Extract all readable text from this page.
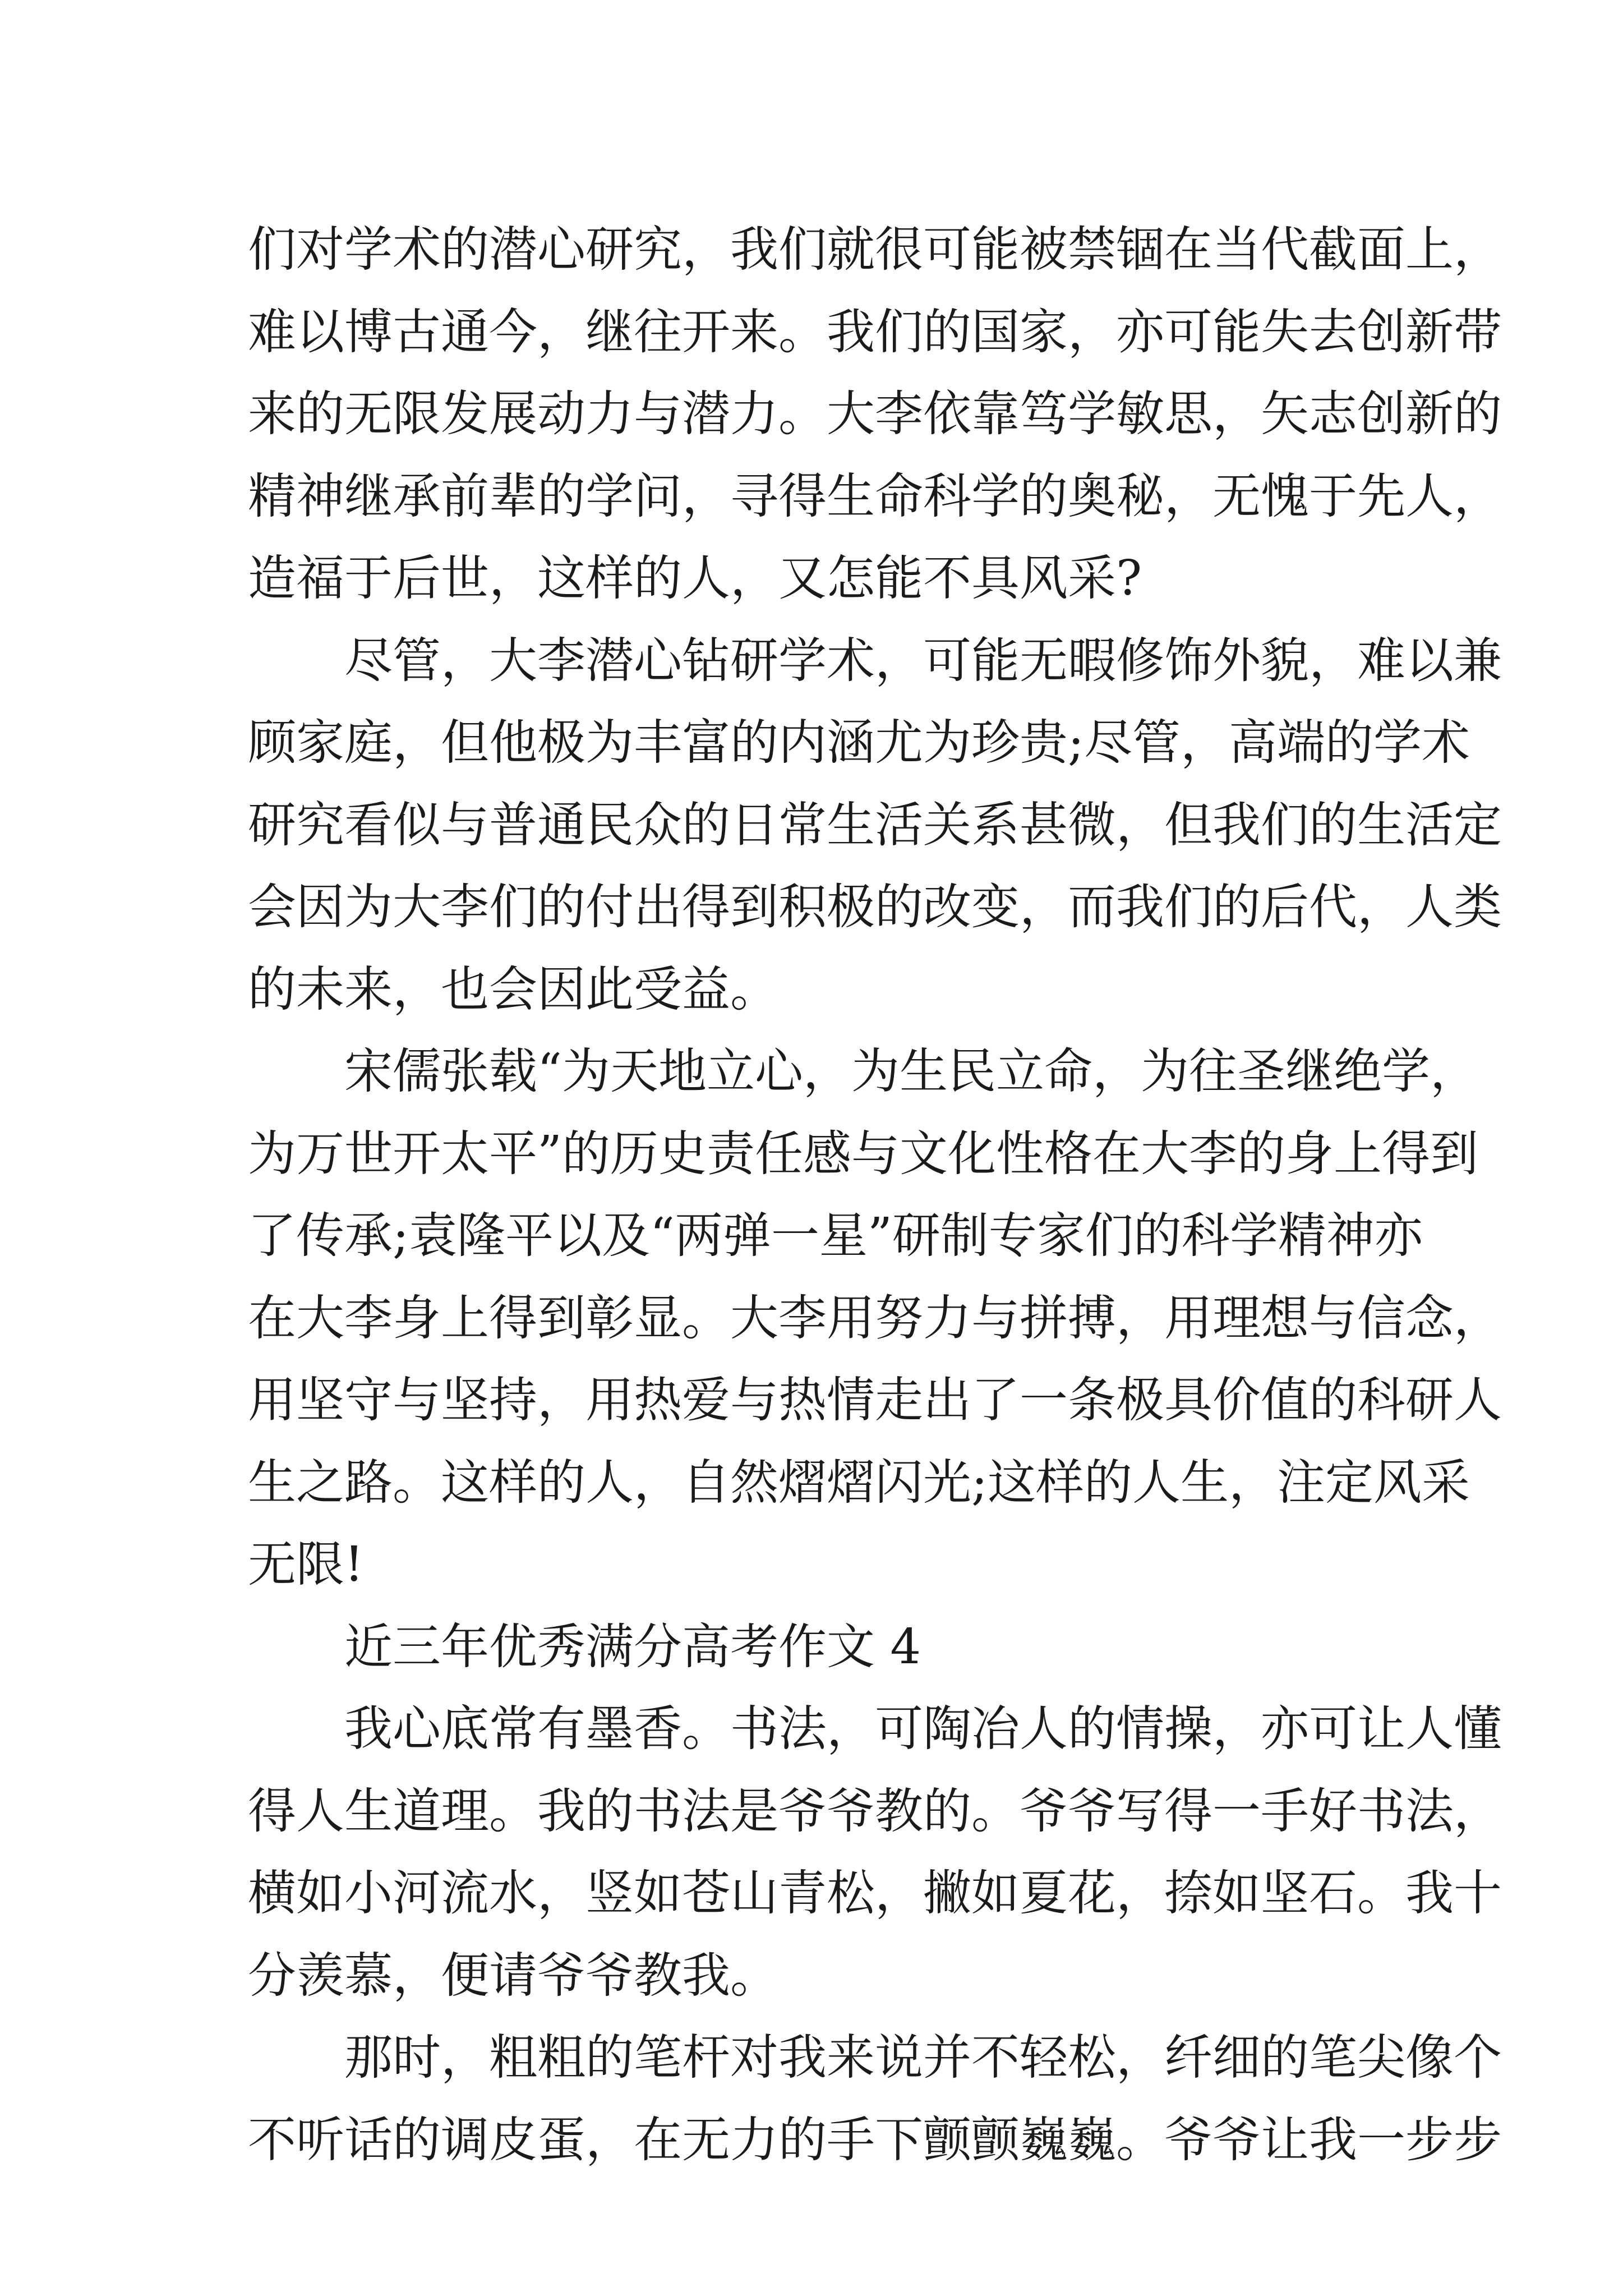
们对学术的潜心研究，我们就很可能被禁锢在当代截面上，
难以博古通今，继往开来。我们的国家，亦可能失去创新带
来的无限发展动力与潜力。大李依靠笃学敏思，矢志创新的
精神继承前辈的学问，寻得生命科学的奥秘，无愧于先人，
造福于后世，这样的人，又怎能不具风采?
尽管，大李潜心钻研学术，可能无暇修饰外貌，难以兼
顾家庭，但他极为丰富的内涵尤为珍贵;尽管，高端的学术
研究看似与普通民众的日常生活关系甚微，但我们的生活定
会因为大李们的付出得到积极的改变，而我们的后代，人类
的未来，也会因此受益。
宋儒张载“为天地立心，为生民立命，为往圣继绝学，
为万世开太平”的历史责任感与文化性格在大李的身上得到
了传承;袁隆平以及“两弹一星”研制专家们的科学精神亦
在大李身上得到彰显。大李用努力与拼搏，用理想与信念，
用坚守与坚持，用热爱与热情走出了一条极具价值的科研人
生之路。这样的人，自然熠熠闪光;这样的人生，注定风采
无限!
近三年优秀满分高考作文 4
我心底常有墨香。书法，可陶冶人的情操，亦可让人懂
得人生道理。我的书法是爷爷教的。爷爷写得一手好书法，
横如小河流水，竖如苍山青松，撇如夏花，捺如坚石。我十
分羡慕，便请爷爷教我。
那时，粗粗的笔杆对我来说并不轻松，纤细的笔尖像个
不听话的调皮蛋，在无力的手下颤颤巍巍。爷爷让我一步步
